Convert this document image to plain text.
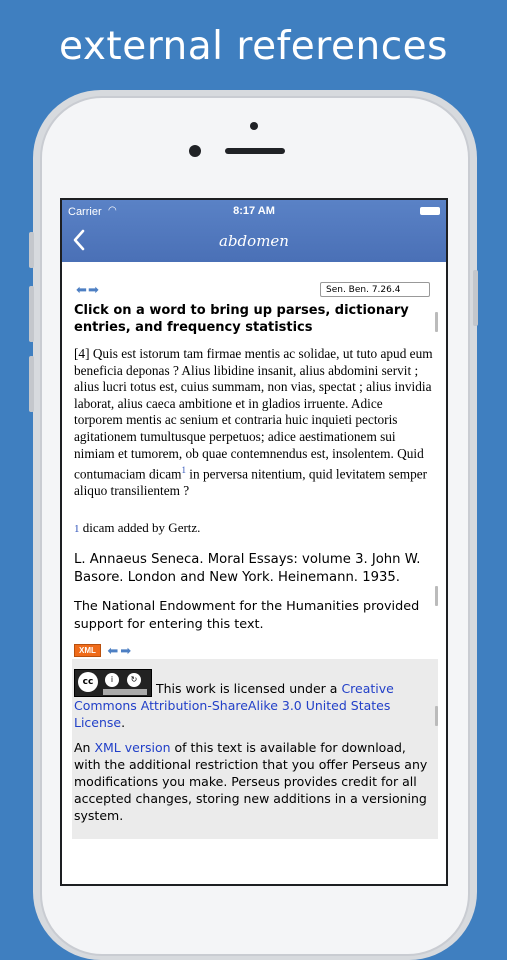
external references
Carrier ◠	8:17 AM
abdomen
⬅ ➡	Sen. Ben. 7.26.4
Click on a word to bring up parses, dictionary entries, and frequency statistics
[4] Quis est istorum tam firmae mentis ac solidae, ut tuto apud eum beneficia deponas ? Alius libidine insanit, alius abdomini servit ; alius lucri totus est, cuius summam, non vias, spectat ; alius invidia laborat, alius caeca ambitione et in gladios irruente. Adice torporem mentis ac senium et contraria huic inquieti pectoris agitationem tumultusque perpetuos; adice aestimationem sui nimiam et tumorem, ob quae contemnendus est, insolentem. Quid contumaciam dicam$^1$ in perversa nitentium, quid levitatem semper aliquo transilientem ?
1 dicam added by Gertz.
L. Annaeus Seneca. Moral Essays: volume 3. John W. Basore. London and New York. Heinemann. 1935.
The National Endowment for the Humanities provided support for entering this text.
XML ⬅ ➡
cc	i	↻
This work is licensed under a Creative Commons Attribution-ShareAlike 3.0 United States License.
An XML version of this text is available for download, with the additional restriction that you offer Perseus any modifications you make. Perseus provides credit for all accepted changes, storing new additions in a versioning system.
